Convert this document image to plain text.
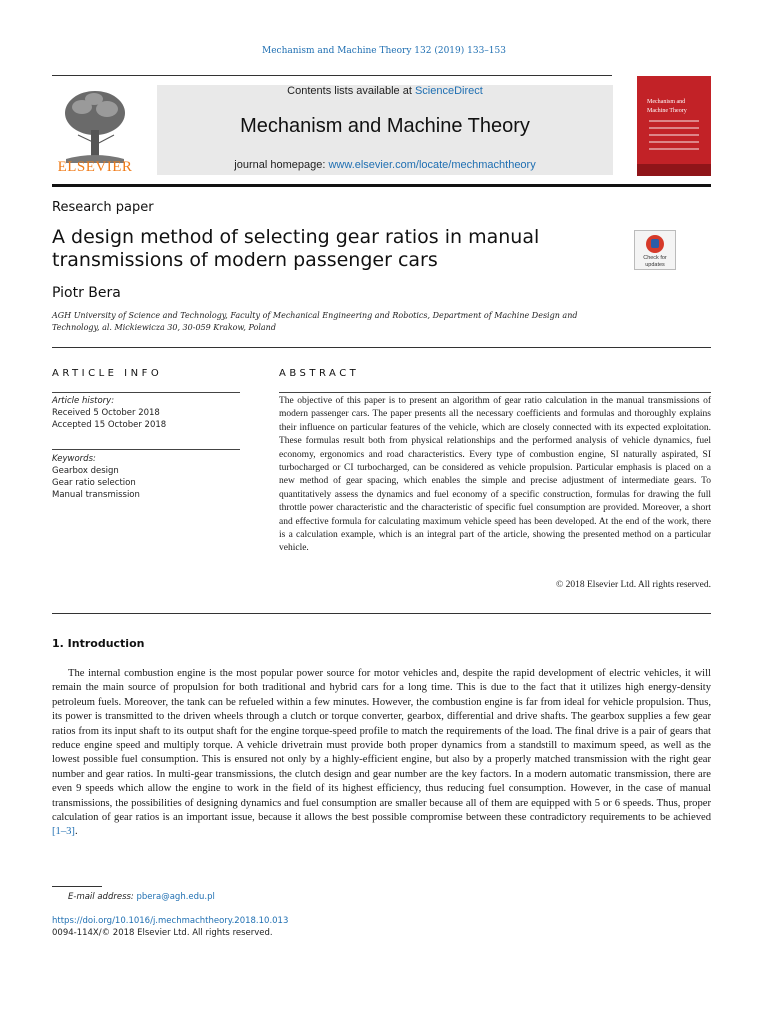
Mechanism and Machine Theory 132 (2019) 133–153
ELSEVIER
Contents lists available at ScienceDirect
Mechanism and Machine Theory
journal homepage: www.elsevier.com/locate/mechmachtheory
Mechanism and Machine Theory
Research paper
A design method of selecting gear ratios in manual transmissions of modern passenger cars	Check for updates
Piotr Bera
AGH University of Science and Technology, Faculty of Mechanical Engineering and Robotics, Department of Machine Design and Technology, al. Mickiewicza 30, 30-059 Krakow, Poland
ARTICLE INFO
Article history:
Received 5 October 2018
Accepted 15 October 2018
Keywords:
Gearbox design
Gear ratio selection
Manual transmission
ABSTRACT
The objective of this paper is to present an algorithm of gear ratio calculation in the manual transmissions of modern passenger cars. The paper presents all the necessary coefficients and formulas and thoroughly explains their influence on particular features of the vehicle, which are closely connected with its expected exploitation. These formulas result both from physical relationships and the performed analysis of vehicle dynamics, fuel economy, ergonomics and road characteristics. Every type of combustion engine, SI naturally aspirated, SI turbocharged or CI turbocharged, can be considered as vehicle propulsion. Particular emphasis is placed on a new method of gear spacing, which enables the simple and precise adjustment of intermediate gears. To quantitatively assess the dynamics and fuel economy of a specific construction, formulas for drawing the full throttle power characteristic and the characteristic of specific fuel consumption are provided. Moreover, a short and effective formula for calculating maximum vehicle speed has been developed. At the end of the work, there is a calculation example, which is an integral part of the article, showing the presented method on a particular vehicle.
© 2018 Elsevier Ltd. All rights reserved.
1. Introduction
The internal combustion engine is the most popular power source for motor vehicles and, despite the rapid development of electric vehicles, it will remain the main source of propulsion for both traditional and hybrid cars for a long time. This is due to the fact that it utilizes high energy-density petroleum fuels. Moreover, the tank can be refueled within a few minutes. However, the combustion engine is far from ideal for vehicle propulsion. Thus, its power is transmitted to the driven wheels through a clutch or torque converter, gearbox, differential and drive shafts. The gearbox supplies a few gear ratios from its input shaft to its output shaft for the engine torque-speed profile to match the requirements of the load. The final drive is a pair of gears that reduce engine speed and multiply torque. A vehicle drivetrain must provide both proper dynamics from a standstill to maximum speed, as well as the lowest possible fuel consumption. This is ensured not only by a highly-efficient engine, but also by a properly matched transmission with the right gear number and gear ratios. In multi-gear transmissions, the clutch design and gear number are the key factors. In a modern automatic transmission, there are even 9 speeds which allow the engine to work in the field of its highest efficiency, thus reducing fuel consumption. However, in the case of manual transmissions, the possibilities of designing dynamics and fuel consumption are smaller because all of them are equipped with 5 or 6 speeds. Thus, proper calculation of gear ratios is an important issue, because it allows the best possible compromise between these contradictory requirements to be achieved [1–3].
E-mail address: pbera@agh.edu.pl
https://doi.org/10.1016/j.mechmachtheory.2018.10.013
0094-114X/© 2018 Elsevier Ltd. All rights reserved.
